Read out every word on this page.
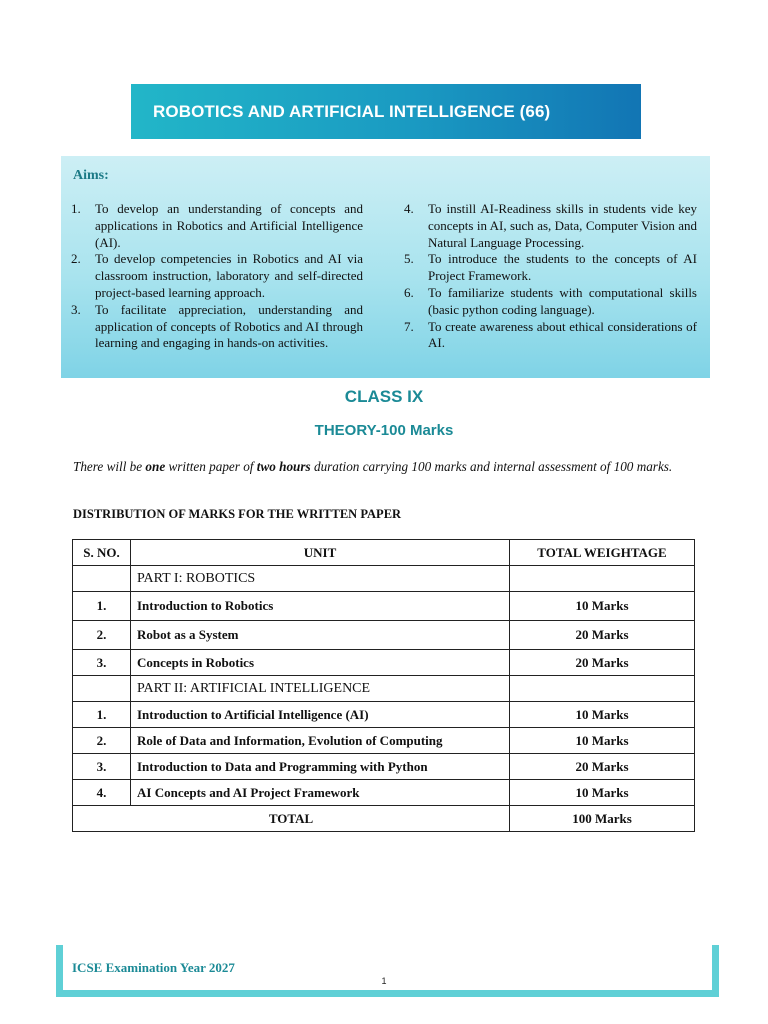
ROBOTICS AND ARTIFICIAL INTELLIGENCE (66)
Aims:
1.	To develop an understanding of concepts and applications in Robotics and Artificial Intelligence (AI).
2.	To develop competencies in Robotics and AI via classroom instruction, laboratory and self-directed project-based learning approach.
3.	To facilitate appreciation, understanding and application of concepts of Robotics and AI through learning and engaging in hands-on activities.
4.	To instill AI-Readiness skills in students vide key concepts in AI, such as, Data, Computer Vision and Natural Language Processing.
5.	To introduce the students to the concepts of AI Project Framework.
6.	To familiarize students with computational skills (basic python coding language).
7.	To create awareness about ethical considerations of AI.
CLASS IX
THEORY-100 Marks
There will be one written paper of two hours duration carrying 100 marks and internal assessment of 100 marks.
DISTRIBUTION OF MARKS FOR THE WRITTEN PAPER
S. NO.	UNIT	TOTAL WEIGHTAGE
	PART I: ROBOTICS	
1.	Introduction to Robotics	10 Marks
2.	Robot as a System	20 Marks
3.	Concepts in Robotics	20 Marks
	PART II: ARTIFICIAL INTELLIGENCE	
1.	Introduction to Artificial Intelligence (AI)	10 Marks
2.	Role of Data and Information, Evolution of Computing	10 Marks
3.	Introduction to Data and Programming with Python	20 Marks
4.	AI Concepts and AI Project Framework	10 Marks
TOTAL		100 Marks
ICSE Examination Year 2027
1
